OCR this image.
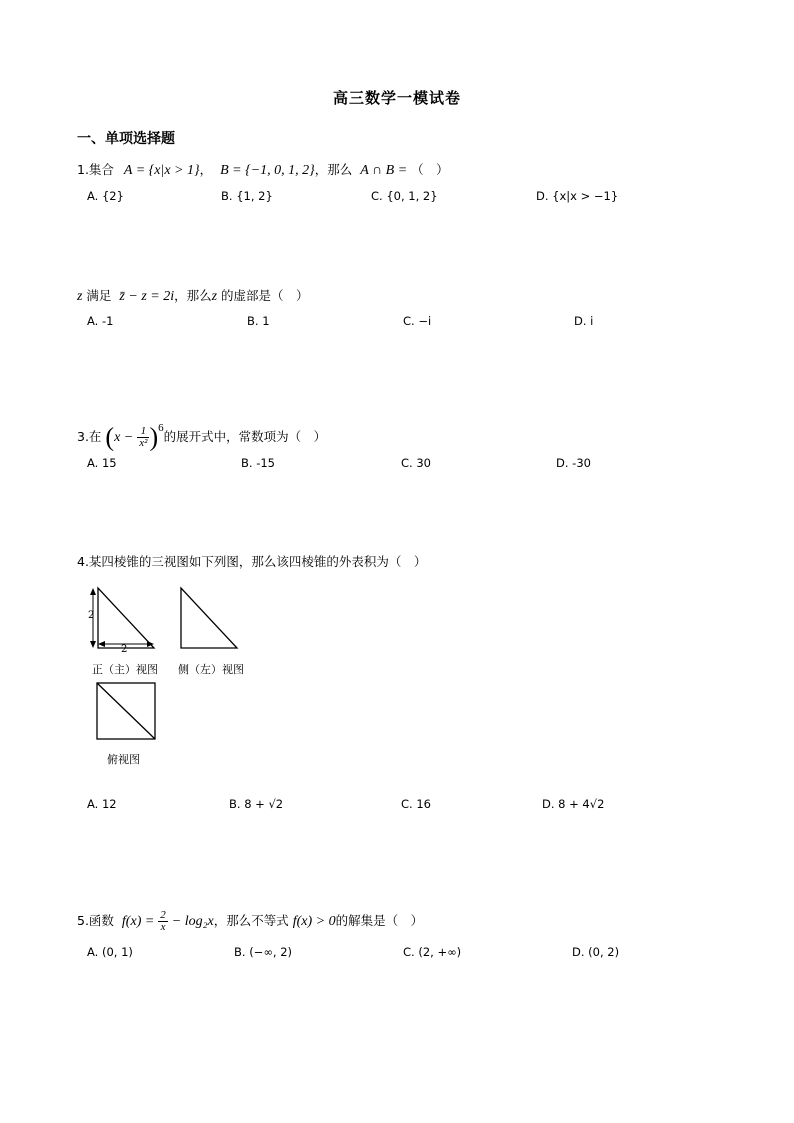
高三数学一模试卷
一、单项选择题
1.集合 A = {x|x > 1}， B = {−1, 0, 1, 2}，那么 A ∩ B = （　）
A. {2}	B. {1, 2}	C. {0, 1, 2}	D. {x|x > −1}
z 满足 z̄ − z = 2i，那么z 的虚部是（　）
A. -1	B. 1	C. −i	D. i
3.在 $(x - \frac{1}{\text{x²}} )^6$的展开式中，常数项为（　）
A. 15	B. -15	C. 30	D. -30
4.某四棱锥的三视图如下列图，那么该四棱锥的外表积为（　）
2
2
正（主）视图 侧（左）视图
俯视图
A. 12	B. 8 + √2	C. 16	D. 8 + 4√2
5.函数 $f(x) = \frac{2}{x} - \log_2x$，那么不等式 f(x) > 0的解集是（　）
A. (0, 1)	B. (−∞, 2)	C. (2, +∞)	D. (0, 2)
